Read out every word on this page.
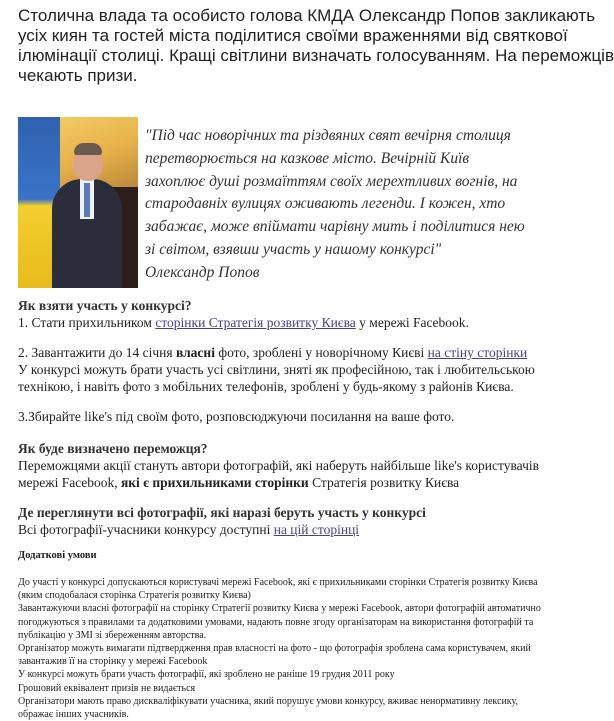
Столична влада та особисто голова КМДА Олександр Попов закликають
усіх киян та гостей міста поділитися своїми враженнями від святкової
ілюмінації столиці. Кращі світлини визначать голосуванням. На переможців
чекають призи.
"Під час новорічних та різдвяних свят вечірня столиця
перетворюється на казкове місто. Вечірній Київ
захоплює душі розмаїттям своїх мерехтливих вогнів, на
стародавніх вулицях оживають легенди. І кожен, хто
забажає, може впіймати чарівну мить і поділитися нею
зі світом, взявши участь у нашому конкурсі"
Олександр Попов
Як взяти участь у конкурсі?
1. Стати прихильником сторінки Стратегія розвитку Києва у мережі Facebook.
2. Завантажити до 14 січня власні фото, зроблені у новорічному Києві на стіну сторінки
У конкурсі можуть брати участь усі світлини, зняті як професійною, так і любительською
технікою, і навіть фото з мобільних телефонів, зроблені у будь-якому з районів Києва.
3.Збирайте like's під своїм фото, розповсюджуючи посилання на ваше фото.
Як буде визначено переможця?
Переможцями акції стануть автори фотографій, які наберуть найбільше like's користувачів
мережі Facebook, які є прихильниками сторінки Стратегія розвитку Києва
Де переглянути всі фотографії, які наразі беруть участь у конкурсі
Всі фотографії-учасники конкурсу доступні на цій сторінці
Додаткові умови
До участі у конкурсі допускаються користувачі мережі Facebook, які є прихильниками сторінки Стратегія розвитку Києва
(яким сподобалася сторінка Стратегія розвитку Києва)
Завантажуючи власні фотографії на сторінку Стратегії розвитку Києва у мережі Facebook, автори фотографій автоматично
погоджуються з правилами та додатковими умовами, надають повне згоду організаторам на використання фотографій та
публікацію у ЗМІ зі збереженням авторства.
Організатор можуть вимагати підтвердження прав власності на фото - що фотографія зроблена сама користувачем, який
завантажив її на сторінку у мережі Facebook
У конкурсі можуть брати участь фотографії, які зроблено не раніше 19 грудня 2011 року
Грошовий еквівалент призів не видається
Організатори мають право дискваліфікувати учасника, який порушує умови конкурсу, вживає ненормативну лексику,
ображає інших учасників.
